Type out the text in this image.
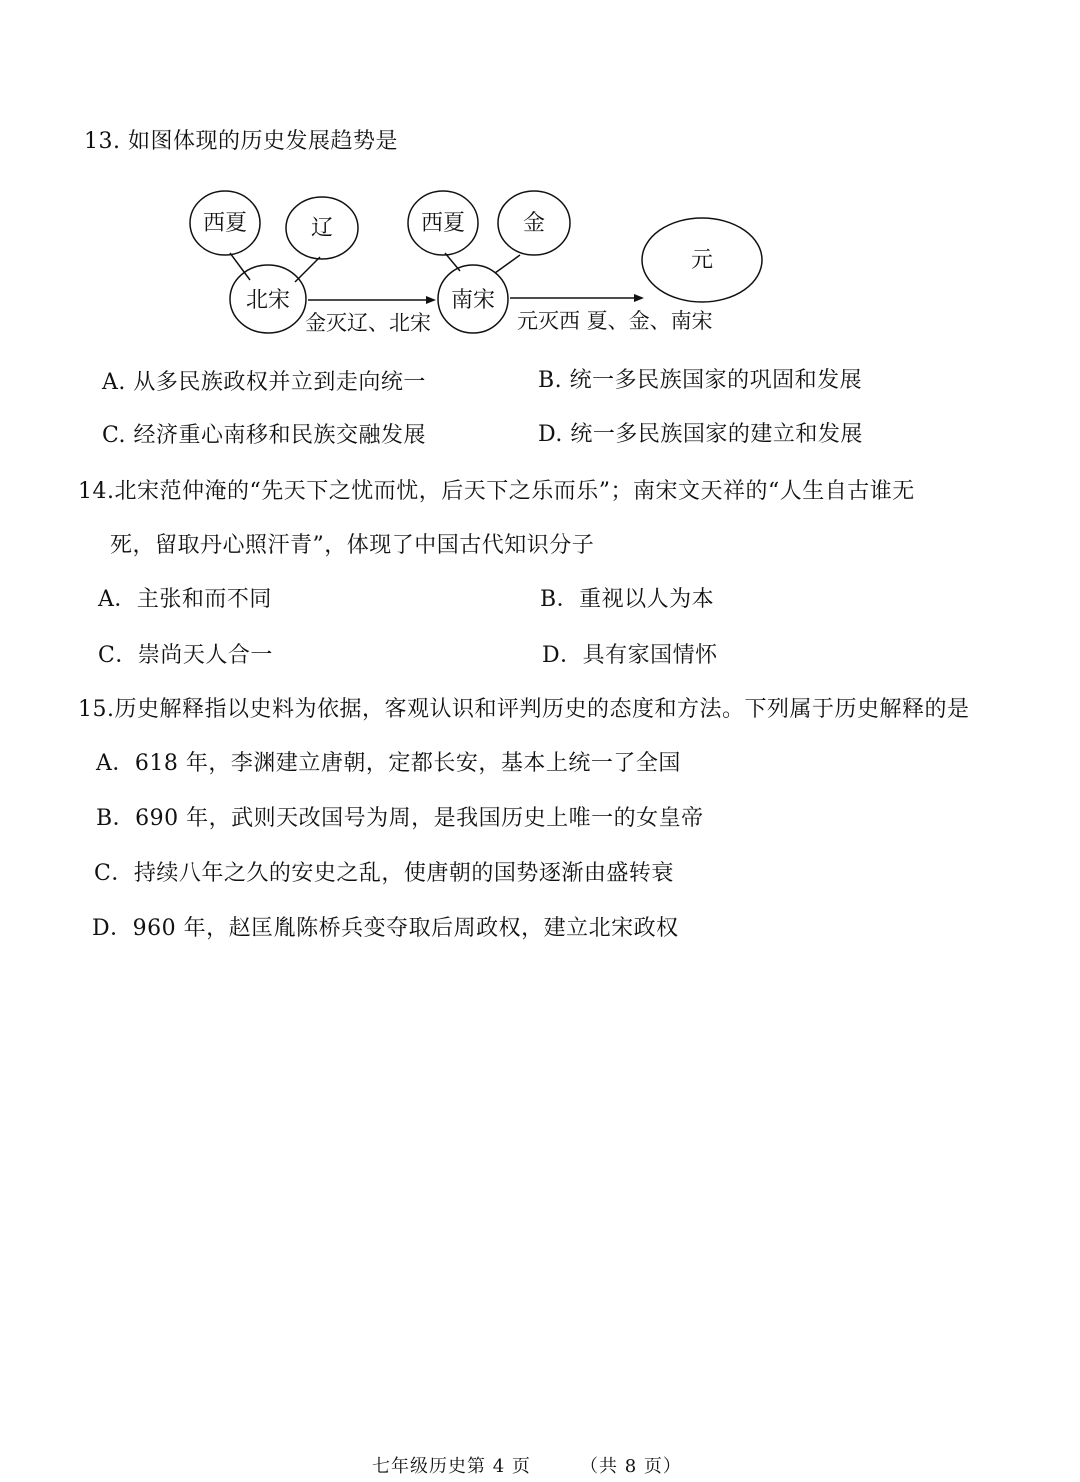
13. 如图体现的历史发展趋势是
西夏	辽
北宋
西夏	金
南宋
元
金灭辽、北宋	元灭西 夏、金、南宋
A. 从多民族政权并立到走向统一	B. 统一多民族国家的巩固和发展
C. 经济重心南移和民族交融发展	D. 统一多民族国家的建立和发展
14.北宋范仲淹的“先天下之忧而忧，后天下之乐而乐”；南宋文天祥的“人生自古谁无
死，留取丹心照汗青”，体现了中国古代知识分子
A．主张和而不同	B．重视以人为本
C．崇尚天人合一	D．具有家国情怀
15.历史解释指以史料为依据，客观认识和评判历史的态度和方法。下列属于历史解释的是
A．618 年，李渊建立唐朝，定都长安，基本上统一了全国
B．690 年，武则天改国号为周，是我国历史上唯一的女皇帝
C．持续八年之久的安史之乱，使唐朝的国势逐渐由盛转衰
D．960 年，赵匡胤陈桥兵变夺取后周政权，建立北宋政权
七年级历史第 4 页	（共 8 页）
